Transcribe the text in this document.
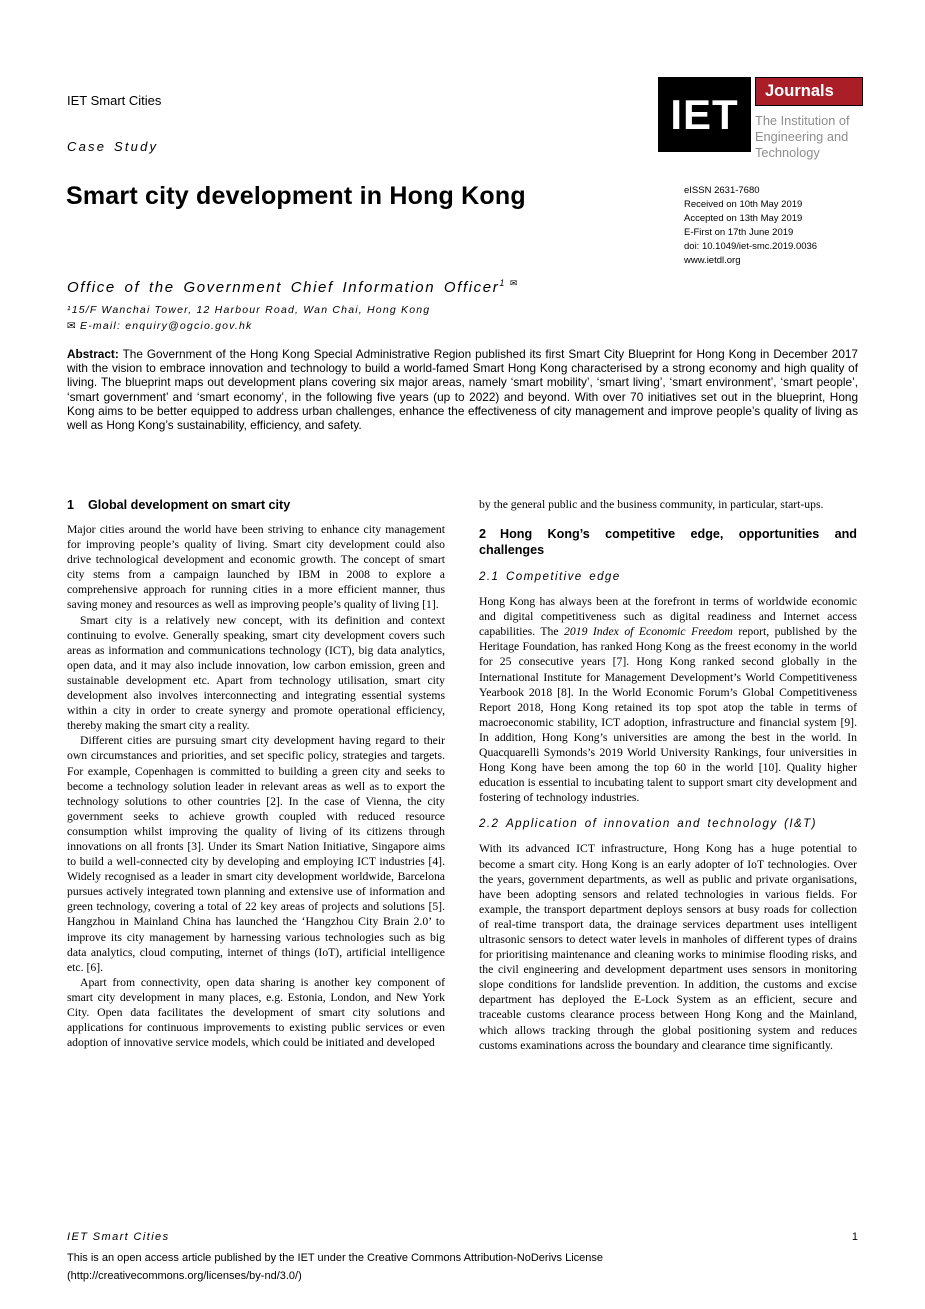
IET Smart Cities
Case Study
IET	Journals
The Institution of
Engineering and Technology
Smart city development in Hong Kong	eISSN 2631-7680
Received on 10th May 2019
Accepted on 13th May 2019
E-First on 17th June 2019
doi: 10.1049/iet-smc.2019.0036
www.ietdl.org
Office of the Government Chief Information Officer$^{1 ✉}$
¹15/F Wanchai Tower, 12 Harbour Road, Wan Chai, Hong Kong
✉ E-mail: enquiry@ogcio.gov.hk

Abstract: The Government of the Hong Kong Special Administrative Region published its first Smart City Blueprint for Hong Kong in December 2017 with the vision to embrace innovation and technology to build a world-famed Smart Hong Kong characterised by a strong economy and high quality of living. The blueprint maps out development plans covering six major areas, namely ‘smart mobility’, ‘smart living’, ‘smart environment’, ‘smart people’, ‘smart government’ and ‘smart economy’, in the following five years (up to 2022) and beyond. With over 70 initiatives set out in the blueprint, Hong Kong aims to be better equipped to address urban challenges, enhance the effectiveness of city management and improve people’s quality of living as well as Hong Kong’s sustainability, efficiency, and safety.

1 Global development on smart city

Major cities around the world have been striving to enhance city management for improving people’s quality of living. Smart city development could also drive technological development and economic growth. The concept of smart city stems from a campaign launched by IBM in 2008 to explore a comprehensive approach for running cities in a more efficient manner, thus saving money and resources as well as improving people’s quality of living [1].

Smart city is a relatively new concept, with its definition and context continuing to evolve. Generally speaking, smart city development covers such areas as information and communications technology (ICT), big data analytics, open data, and it may also include innovation, low carbon emission, green and sustainable development etc. Apart from technology utilisation, smart city development also involves interconnecting and integrating essential systems within a city in order to create synergy and promote operational efficiency, thereby making the smart city a reality.

Different cities are pursuing smart city development having regard to their own circumstances and priorities, and set specific policy, strategies and targets. For example, Copenhagen is committed to building a green city and seeks to become a technology solution leader in relevant areas as well as to export the technology solutions to other countries [2]. In the case of Vienna, the city government seeks to achieve growth coupled with reduced resource consumption whilst improving the quality of living of its citizens through innovations on all fronts [3]. Under its Smart Nation Initiative, Singapore aims to build a well-connected city by developing and employing ICT industries [4]. Widely recognised as a leader in smart city development worldwide, Barcelona pursues actively integrated town planning and extensive use of information and green technology, covering a total of 22 key areas of projects and solutions [5]. Hangzhou in Mainland China has launched the ‘Hangzhou City Brain 2.0’ to improve its city management by harnessing various technologies such as big data analytics, cloud computing, internet of things (IoT), artificial intelligence etc. [6].

Apart from connectivity, open data sharing is another key component of smart city development in many places, e.g. Estonia, London, and New York City. Open data facilitates the development of smart city solutions and applications for continuous improvements to existing public services or even adoption of innovative service models, which could be initiated and developed

by the general public and the business community, in particular, start-ups.

2 Hong Kong’s competitive edge, opportunities and challenges
2.1 Competitive edge

Hong Kong has always been at the forefront in terms of worldwide economic and digital competitiveness such as digital readiness and Internet access capabilities. The 2019 Index of Economic Freedom report, published by the Heritage Foundation, has ranked Hong Kong as the freest economy in the world for 25 consecutive years [7]. Hong Kong ranked second globally in the International Institute for Management Development’s World Competitiveness Yearbook 2018 [8]. In the World Economic Forum’s Global Competitiveness Report 2018, Hong Kong retained its top spot atop the table in terms of macroeconomic stability, ICT adoption, infrastructure and financial system [9]. In addition, Hong Kong’s universities are among the best in the world. In Quacquarelli Symonds’s 2019 World University Rankings, four universities in Hong Kong have been among the top 60 in the world [10]. Quality higher education is essential to incubating talent to support smart city development and fostering of technology industries.

2.2 Application of innovation and technology (I&T)

With its advanced ICT infrastructure, Hong Kong has a huge potential to become a smart city. Hong Kong is an early adopter of IoT technologies. Over the years, government departments, as well as public and private organisations, have been adopting sensors and related technologies in various fields. For example, the transport department deploys sensors at busy roads for collection of real-time transport data, the drainage services department uses intelligent ultrasonic sensors to detect water levels in manholes of different types of drains for prioritising maintenance and cleaning works to minimise flooding risks, and the civil engineering and development department uses sensors in monitoring slope conditions for landslide prevention. In addition, the customs and excise department has deployed the E-Lock System as an efficient, secure and traceable customs clearance process between Hong Kong and the Mainland, which allows tracking through the global positioning system and reduces customs examinations across the boundary and clearance time significantly.

IET Smart Cities	1
This is an open access article published by the IET under the Creative Commons Attribution-NoDerivs License
(http://creativecommons.org/licenses/by-nd/3.0/)
